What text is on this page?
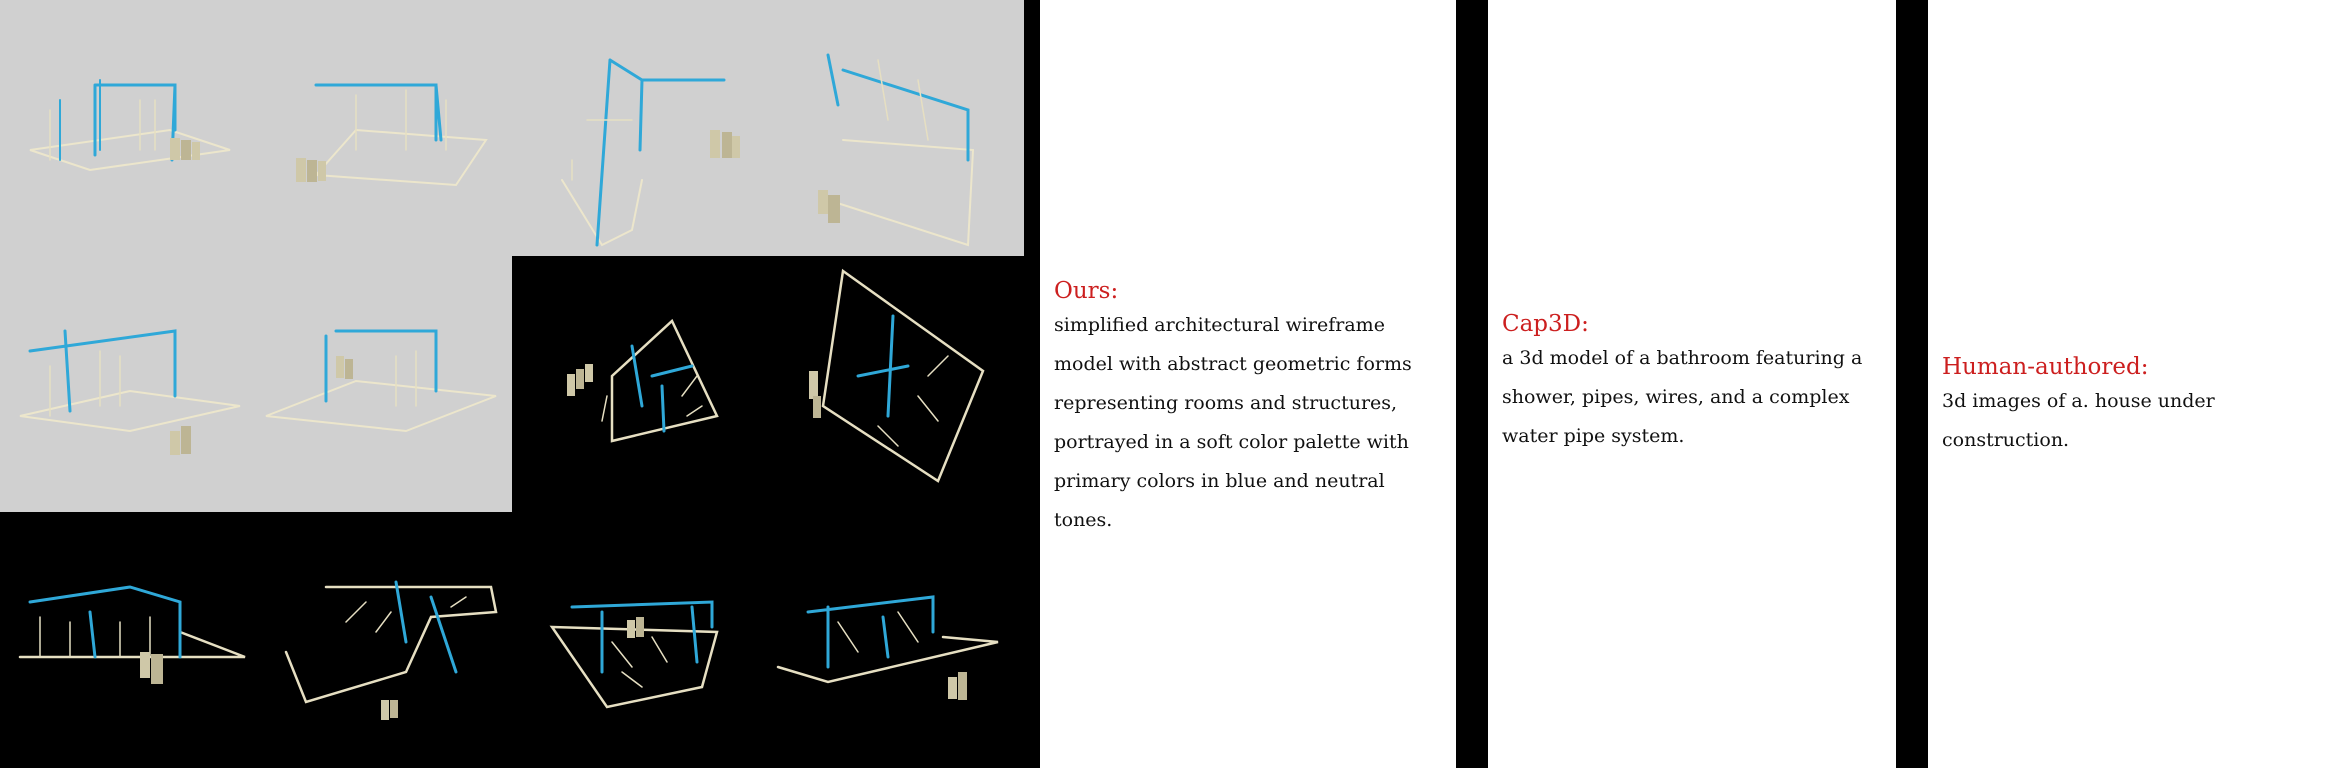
Ours:
simplified architectural wireframe model with abstract geometric forms representing rooms and structures, portrayed in a soft color palette with primary colors in blue and neutral tones.
Cap3D:
a 3d model of a bathroom featuring a shower, pipes, wires, and a complex water pipe system.
Human-authored:
3d images of a. house under construction.
